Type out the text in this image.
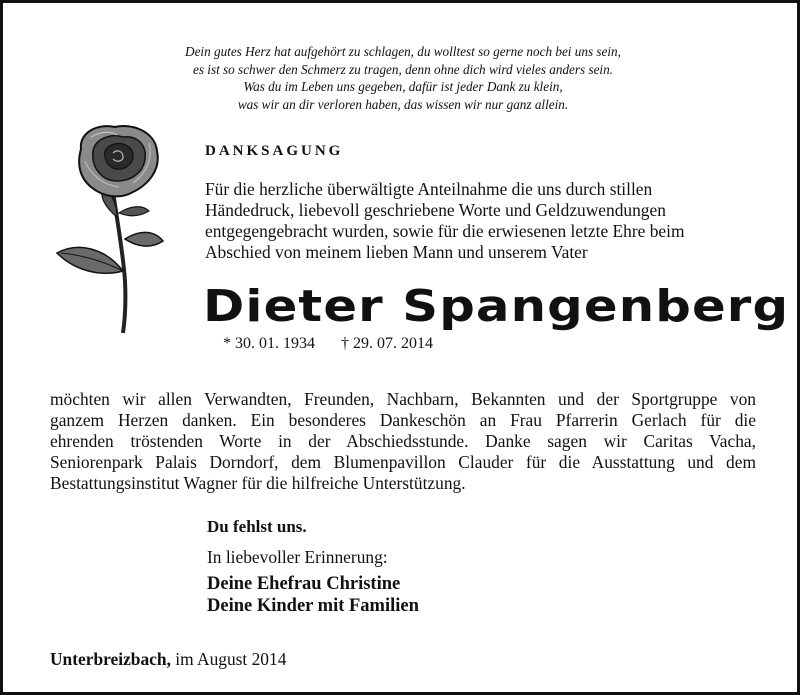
Dein gutes Herz hat aufgehört zu schlagen, du wolltest so gerne noch bei uns sein,
es ist so schwer den Schmerz zu tragen, denn ohne dich wird vieles anders sein.
Was du im Leben uns gegeben, dafür ist jeder Dank zu klein,
was wir an dir verloren haben, das wissen wir nur ganz allein.
DANKSAGUNG
Für die herzliche überwältigte Anteilnahme die uns durch stillen
Händedruck, liebevoll geschriebene Worte und Geldzuwendungen
entgegengebracht wurden, sowie für die erwiesenen letzte Ehre beim
Abschied von meinem lieben Mann und unserem Vater
Dieter Spangenberg
* 30. 01. 1934 † 29. 07. 2014
möchten wir allen Verwandten, Freunden, Nachbarn, Bekannten und der Sportgruppe von
ganzem Herzen danken. Ein besonderes Dankeschön an Frau Pfarrerin Gerlach für die
ehrenden tröstenden Worte in der Abschiedsstunde. Danke sagen wir Caritas Vacha,
Seniorenpark Palais Dorndorf, dem Blumenpavillon Clauder für die Ausstattung und dem
Bestattungsinstitut Wagner für die hilfreiche Unterstützung.
Du fehlst uns.
In liebevoller Erinnerung:
Deine Ehefrau Christine
Deine Kinder mit Familien
Unterbreizbach, im August 2014
